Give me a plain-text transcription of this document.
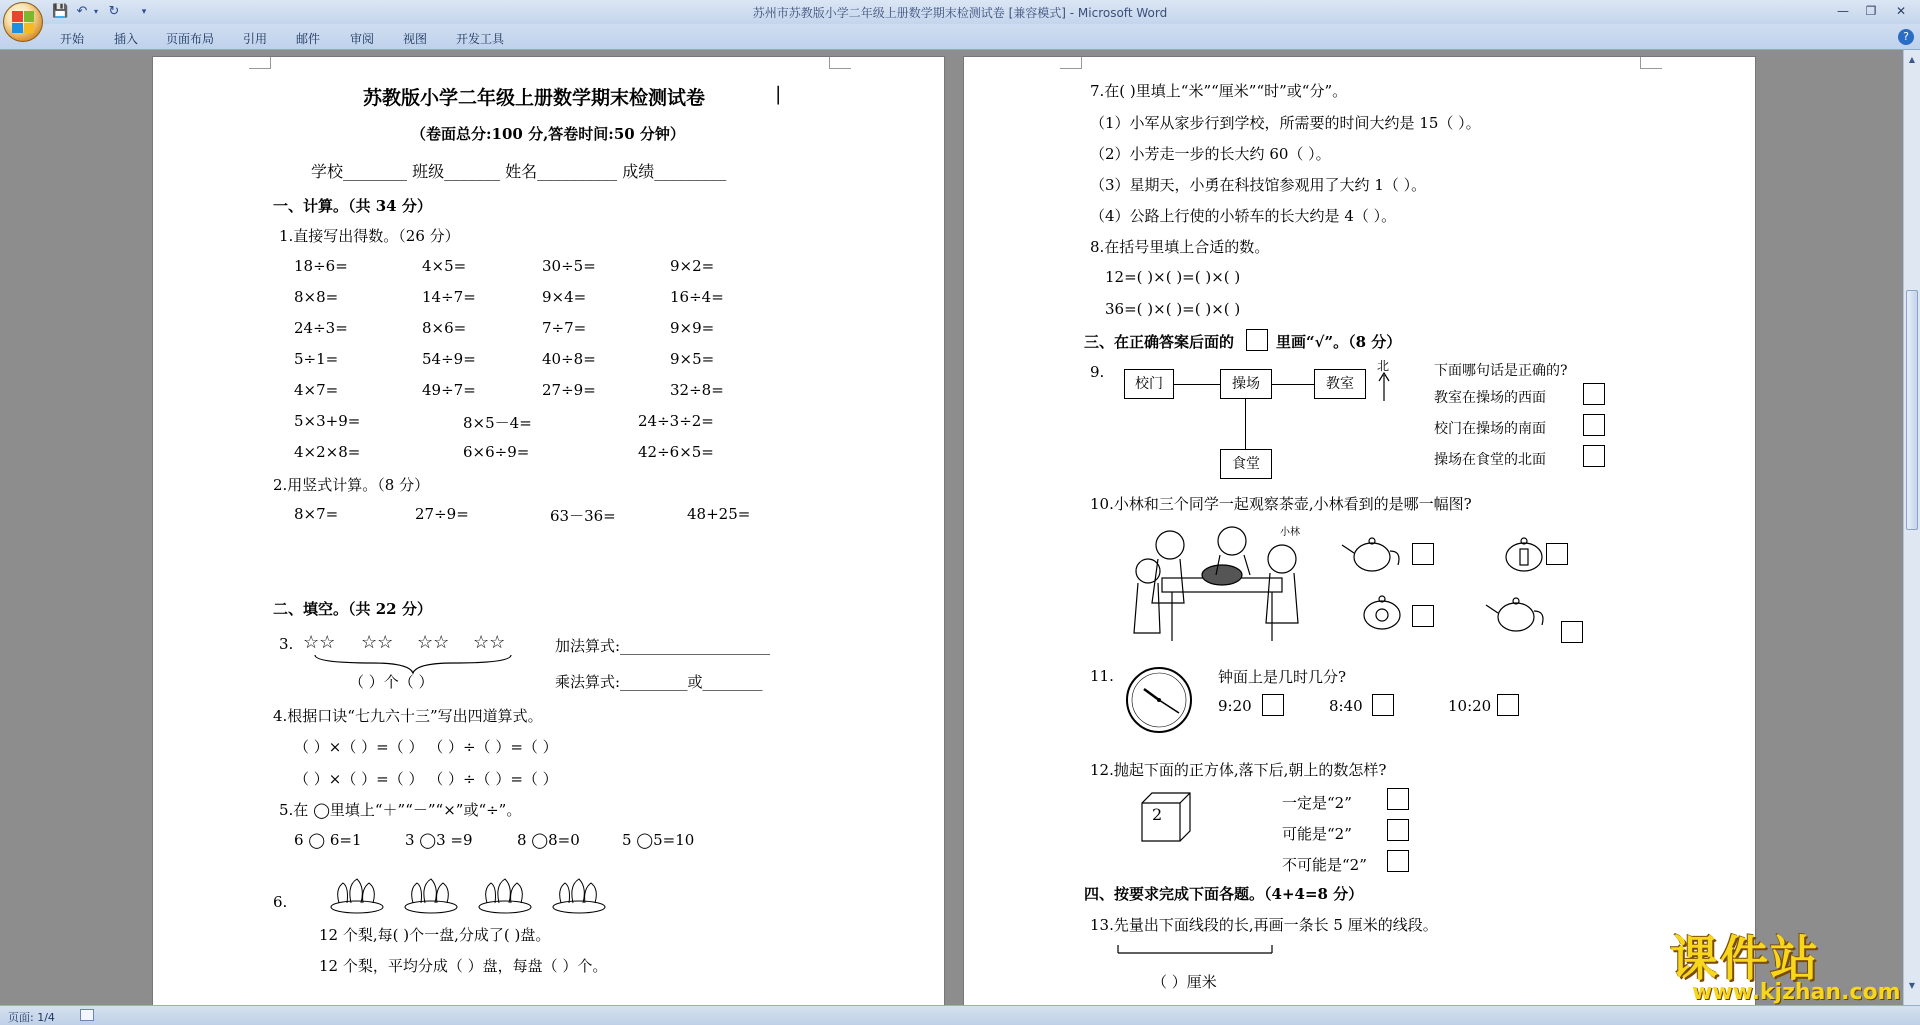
💾 ↶ ▾ ↻	▾	苏州市苏教版小学二年级上册数学期末检测试卷 [兼容模式] - Microsoft Word	—	❐	✕
开始 插入 页面布局 引用 邮件 审阅 视图 开发工具	?
苏教版小学二年级上册数学期末检测试卷	|
（卷面总分:100 分,答卷时间:50 分钟）
学校________ 班级_______ 姓名__________ 成绩_________
一、计算。（共 34 分）
1.直接写出得数。（26 分）
18÷6=	4×5=	30÷5=	9×2=
8×8=	14÷7=	9×4=	16÷4=
24÷3=	8×6=	7÷7=	9×9=
5÷1=	54÷9=	40÷8=	9×5=
4×7=	49÷7=	27÷9=	32÷8=
5×3+9=	8×5－4=	24÷3÷2=
4×2×8=	6×6÷9=	42÷6×5=
2.用竖式计算。（8 分）
8×7=	27÷9=	63－36=	48+25=
二、填空。（共 22 分）
3. ☆☆ ☆☆ ☆☆ ☆☆	加法算式:____________________
（ ）个（ ）	乘法算式:_________或________
4.根据口诀“七九六十三”写出四道算式。
（ ）×（ ）=（ ） （ ）÷（ ）=（ ）
（ ）×（ ）=（ ） （ ）÷（ ）=（ ）
5.在 ◯里填上“＋”“－”“×”或“÷”。
6 ◯ 6=1	3 ◯3 =9	8 ◯8=0	5 ◯5=10
6.
12 个梨,每( )个一盘,分成了( )盘。
12 个梨，平均分成（ ）盘，每盘（ ）个。
7.在( )里填上“米”“厘米”“时”或“分”。
（1）小军从家步行到学校，所需要的时间大约是 15（ ）。
（2）小芳走一步的长大约 60（ ）。
（3）星期天，小勇在科技馆参观用了大约 1（ ）。
（4）公路上行使的小轿车的长大约是 4（ ）。
8.在括号里填上合适的数。
12=( )×( )=( )×( )
36=( )×( )=( )×( )
三、在正确答案后面的	里画“√”。（8 分）
9.
校门	操场	教室
食堂
北	下面哪句话是正确的?
教室在操场的西面
校门在操场的南面
操场在食堂的北面
10.小林和三个同学一起观察茶壶,小林看到的是哪一幅图?
小林
11.	钟面上是几时几分?
9:20	8:40	10:20
12.抛起下面的正方体,落下后,朝上的数怎样?
2
一定是“2”
可能是“2”
不可能是“2”
四、按要求完成下面各题。（4+4=8 分）
13.先量出下面线段的长,再画一条长 5 厘米的线段。
（ ）厘米
▲
▼
课件站
www.kjzhan.com
页面: 1/4
